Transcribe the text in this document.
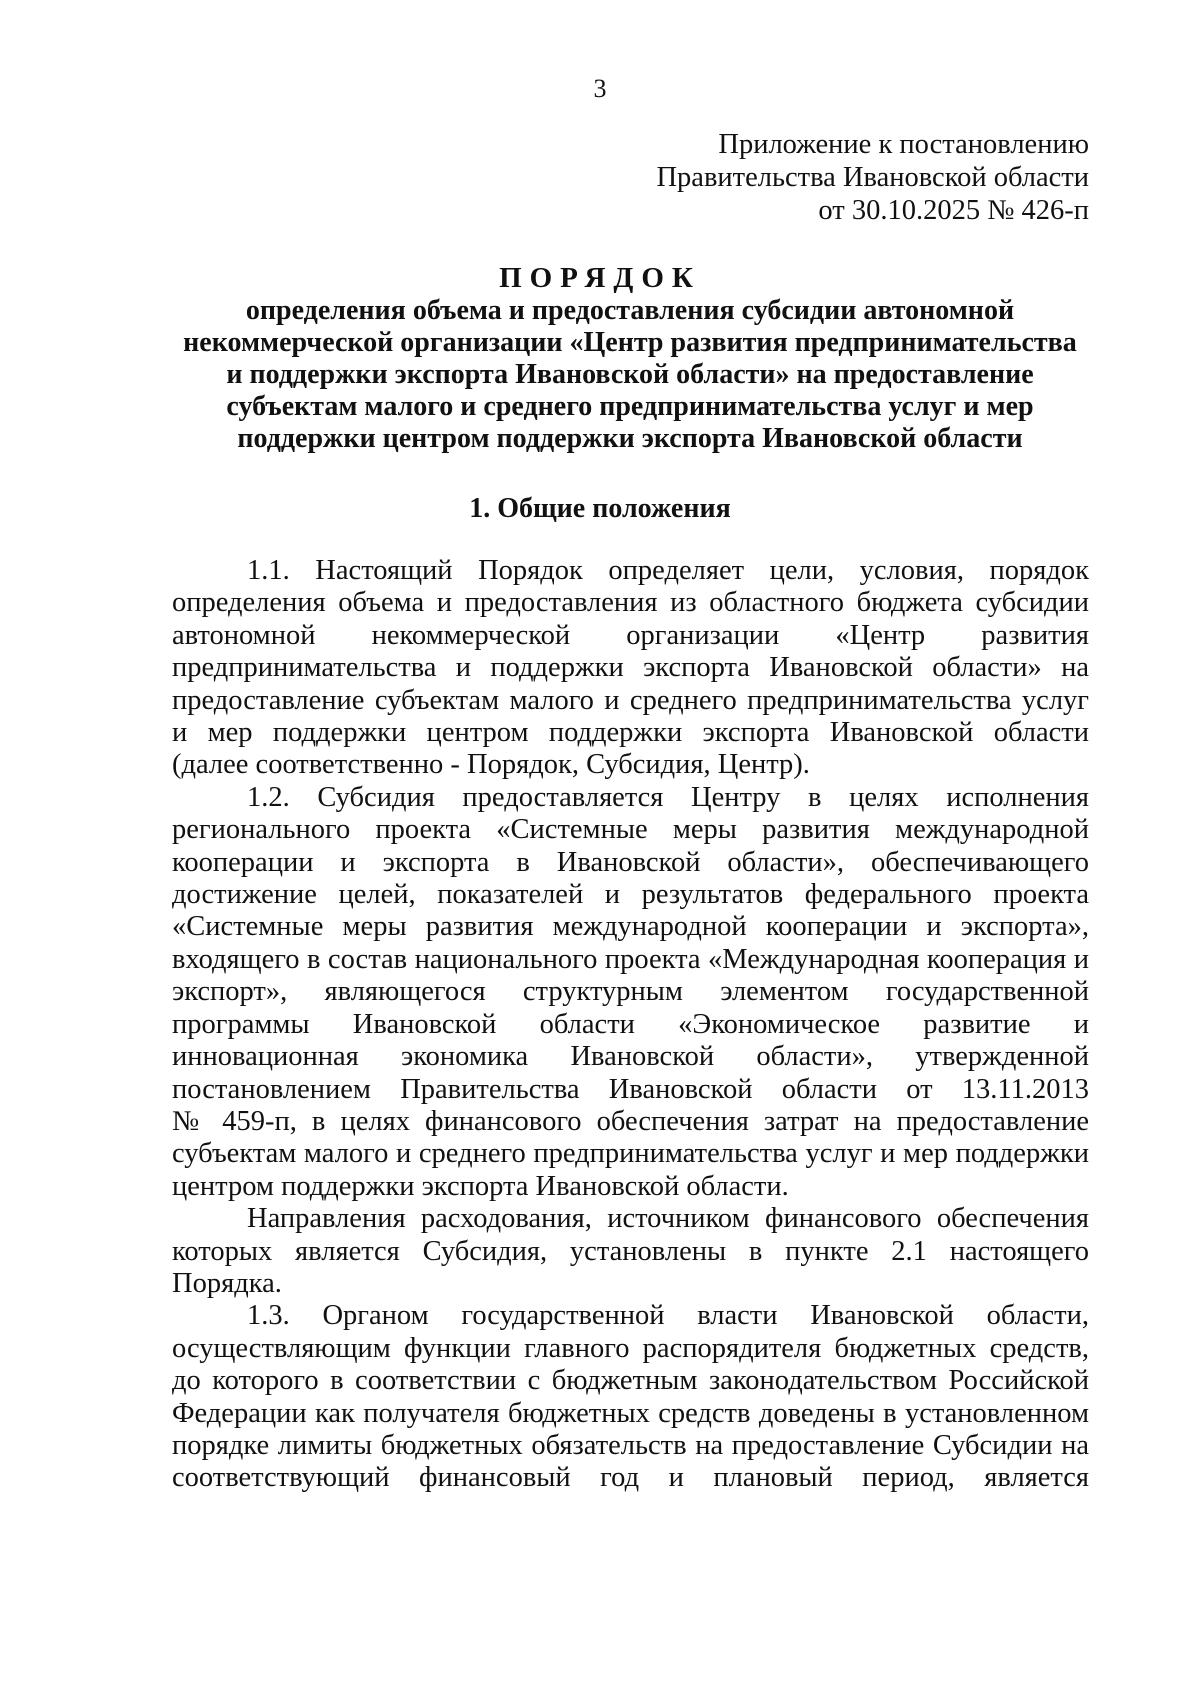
3
Приложение к постановлению
Правительства Ивановской области
от 30.10.2025 № 426-п
ПОРЯДОК
определения объема и предоставления субсидии автономной
некоммерческой организации «Центр развития предпринимательства
и поддержки экспорта Ивановской области» на предоставление
субъектам малого и среднего предпринимательства услуг и мер
поддержки центром поддержки экспорта Ивановской области
1. Общие положения
1.1. Настоящий Порядок определяет цели, условия, порядок
определения объема и предоставления из областного бюджета субсидии
автономной некоммерческой организации «Центр развития
предпринимательства и поддержки экспорта Ивановской области» на
предоставление субъектам малого и среднего предпринимательства услуг
и мер поддержки центром поддержки экспорта Ивановской области
(далее соответственно - Порядок, Субсидия, Центр).
1.2. Субсидия предоставляется Центру в целях исполнения
регионального проекта «Системные меры развития международной
кооперации и экспорта в Ивановской области», обеспечивающего
достижение целей, показателей и результатов федерального проекта
«Системные меры развития международной кооперации и экспорта»,
входящего в состав национального проекта «Международная кооперация и
экспорт», являющегося структурным элементом государственной
программы Ивановской области «Экономическое развитие и
инновационная экономика Ивановской области», утвержденной
постановлением Правительства Ивановской области от 13.11.2013
№ 459-п, в целях финансового обеспечения затрат на предоставление
субъектам малого и среднего предпринимательства услуг и мер поддержки
центром поддержки экспорта Ивановской области.
Направления расходования, источником финансового обеспечения
которых является Субсидия, установлены в пункте 2.1 настоящего
Порядка.
1.3. Органом государственной власти Ивановской области,
осуществляющим функции главного распорядителя бюджетных средств,
до которого в соответствии с бюджетным законодательством Российской
Федерации как получателя бюджетных средств доведены в установленном
порядке лимиты бюджетных обязательств на предоставление Субсидии на
соответствующий финансовый год и плановый период, является
